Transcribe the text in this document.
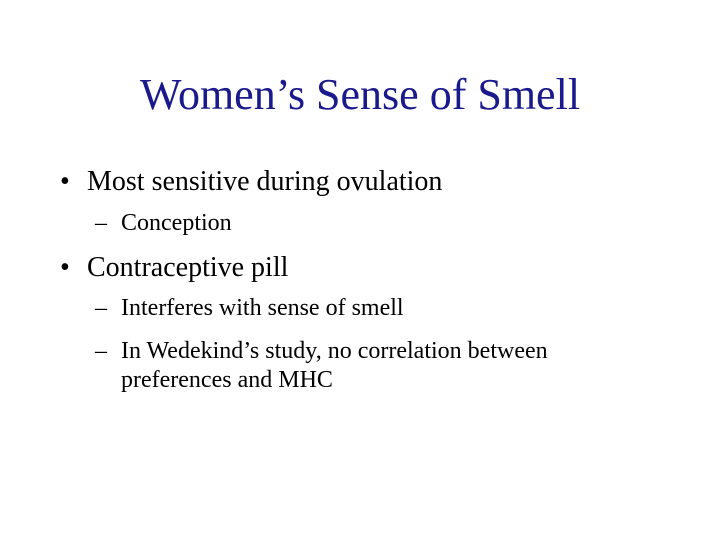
Women’s Sense of Smell
• Most sensitive during ovulation
– Conception
• Contraceptive pill
– Interferes with sense of smell
– In Wedekind’s study, no correlation between
preferences and MHC
